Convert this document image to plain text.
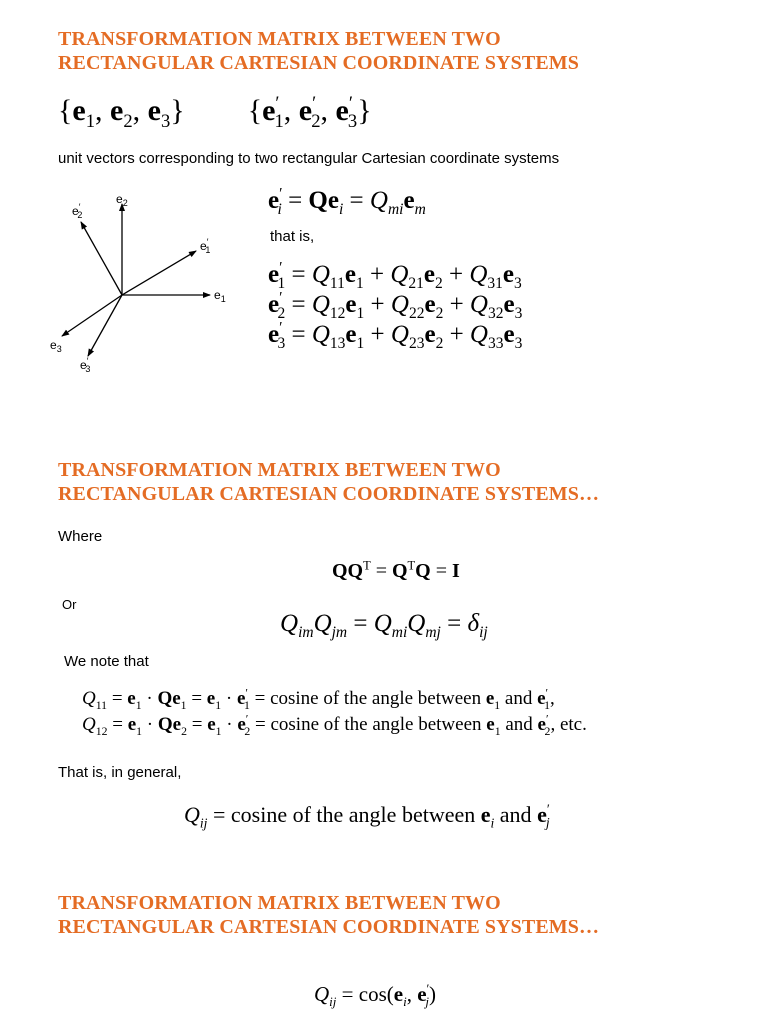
TRANSFORMATION MATRIX BETWEEN TWO
RECTANGULAR CARTESIAN COORDINATE SYSTEMS
{$e_1$, $e_2$, $e_3$}  {$e'_1$, $e'_2$, $e'_3$}
unit vectors corresponding to two rectangular Cartesian coordinate systems
$e_2$
e′ 2
e′ 1
$e_1$
$e_3$
e′ 3
$e'_i = Qe_i = Q_{mi}e_m$
that is,
$e'_1 = Q_{11}e_1 + Q_{21}e_2 + Q_{31}e_3$
$e'_2 = Q_{12}e_1 + Q_{22}e_2 + Q_{32}e_3$
$e'_3 = Q_{13}e_1 + Q_{23}e_2 + Q_{33}e_3$
TRANSFORMATION MATRIX BETWEEN TWO
RECTANGULAR CARTESIAN COORDINATE SYSTEMS…
Where
$QQ^T = Q^TQ = I$
Or
$Q_{im}Q_{jm} = Q_{mi}Q_{mj} = \delta_{ij}$
We note that
$Q_{11} = e_1 \cdot Qe_1 = e_1 \cdot e'_1 = cosine$ of the angle between $e_1$ and $e'_1$,
$Q_{12} = e_1 \cdot Qe_2 = e_1 \cdot e'_2 = cosine$ of the angle between $e_1$ and $e'_2$, etc.
That is, in general,
$Q_{ij} = cosine$ of the angle between $e_i$ and $e'_j$
TRANSFORMATION MATRIX BETWEEN TWO
RECTANGULAR CARTESIAN COORDINATE SYSTEMS…
$Q_{ij} = \cos(e_i$, $e'_j$)
